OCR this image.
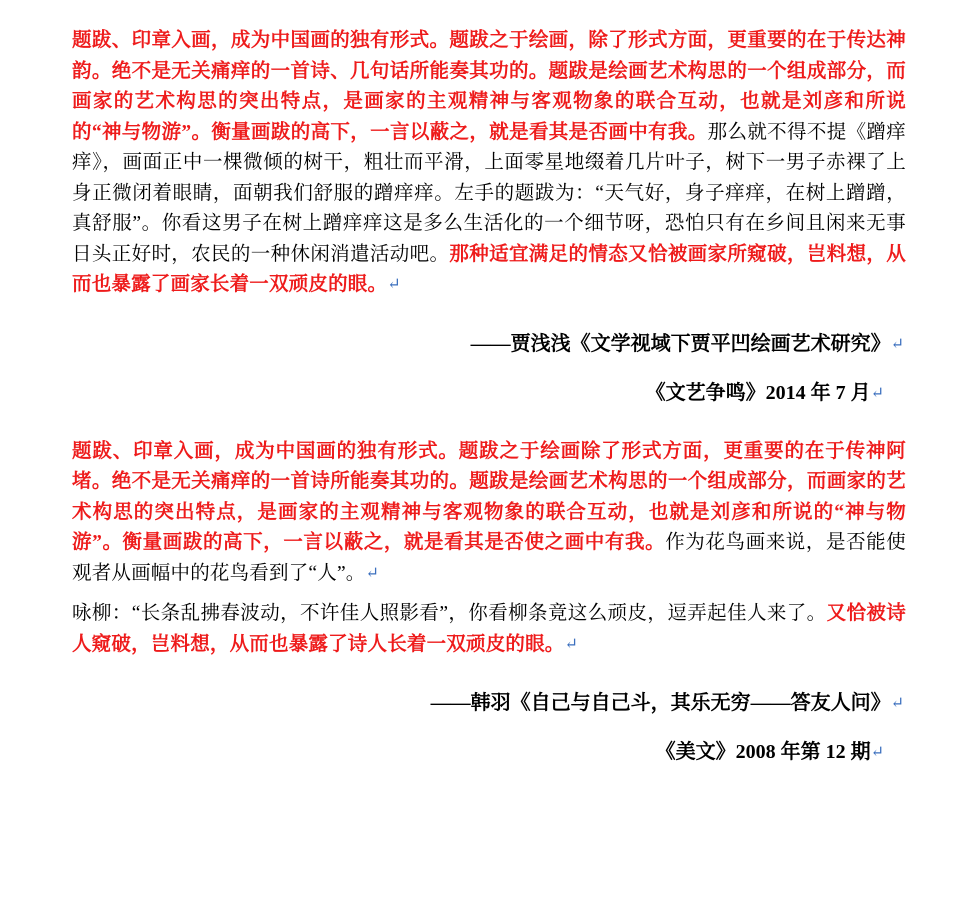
题跋、印章入画，成为中国画的独有形式。题跋之于绘画，除了形式方面，更重要的在于传达神韵。绝不是无关痛痒的一首诗、几句话所能奏其功的。题跋是绘画艺术构思的一个组成部分，而画家的艺术构思的突出特点，是画家的主观精神与客观物象的联合互动，也就是刘彦和所说的“神与物游”。衡量画跋的高下，一言以蔽之，就是看其是否画中有我。那么就不得不提《蹭痒痒》，画面正中一棵微倾的树干，粗壮而平滑，上面零星地缀着几片叶子，树下一男子赤裸了上身正微闭着眼睛，面朝我们舒服的蹭痒痒。左手的题跋为：“天气好，身子痒痒，在树上蹭蹭，真舒服”。你看这男子在树上蹭痒痒这是多么生活化的一个细节呀，恐怕只有在乡间且闲来无事日头正好时，农民的一种休闲消遣活动吧。那种适宜满足的情态又恰被画家所窥破，岂料想，从而也暴露了画家长着一双顽皮的眼。↵

——贾浅浅《文学视域下贾平凹绘画艺术研究》↵

《文艺争鸣》2014 年 7 月↵

题跋、印章入画，成为中国画的独有形式。题跋之于绘画除了形式方面，更重要的在于传神阿堵。绝不是无关痛痒的一首诗所能奏其功的。题跋是绘画艺术构思的一个组成部分，而画家的艺术构思的突出特点，是画家的主观精神与客观物象的联合互动，也就是刘彦和所说的“神与物游”。衡量画跋的高下，一言以蔽之，就是看其是否使之画中有我。作为花鸟画来说，是否能使观者从画幅中的花鸟看到了“人”。↵

咏柳：“长条乱拂春波动，不许佳人照影看”，你看柳条竟这么顽皮，逗弄起佳人来了。又恰被诗人窥破，岂料想，从而也暴露了诗人长着一双顽皮的眼。↵

——韩羽《自己与自己斗，其乐无穷——答友人问》↵

《美文》2008 年第 12 期↵
